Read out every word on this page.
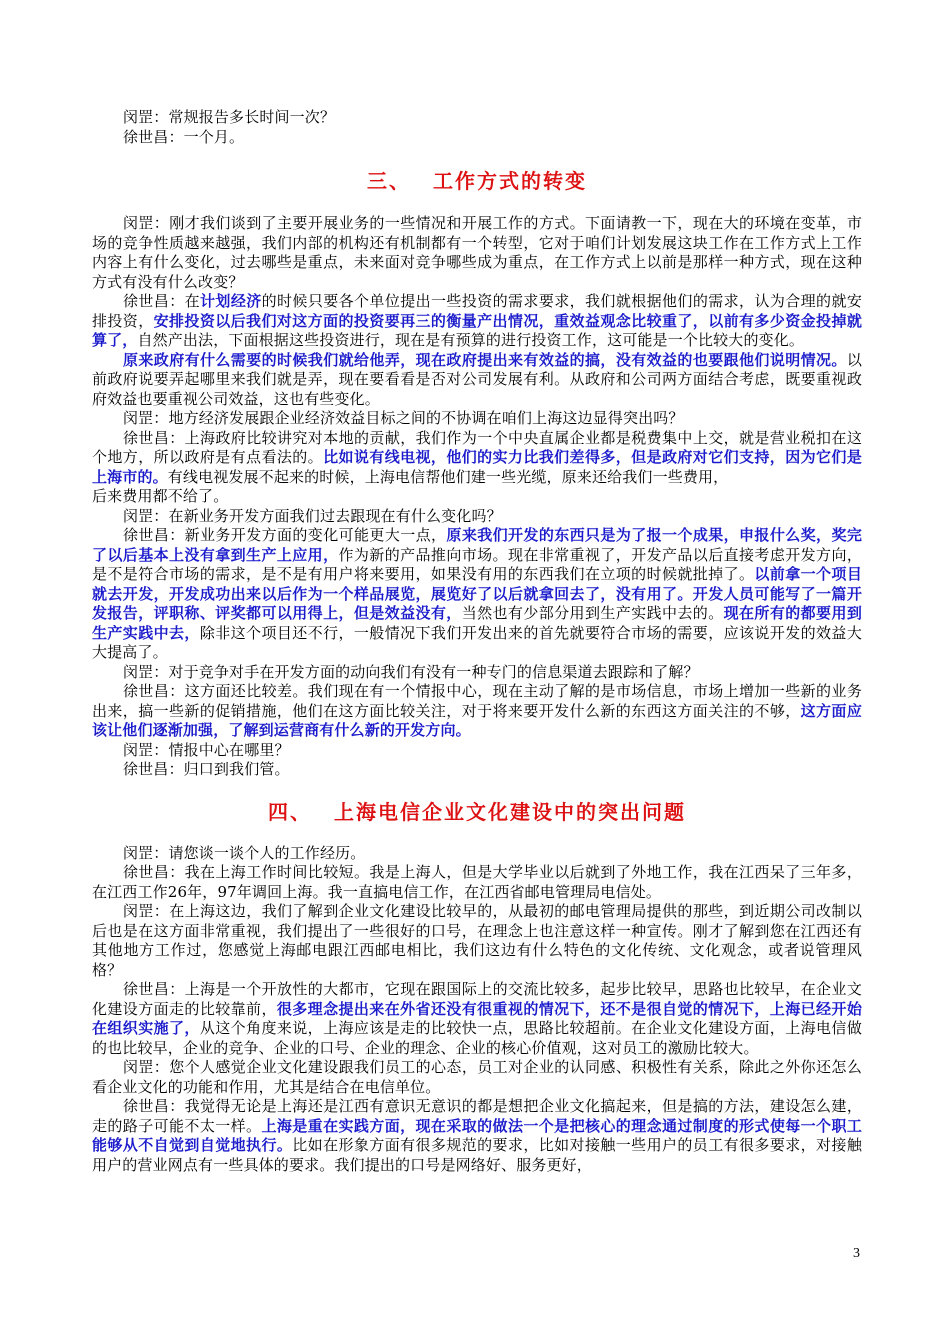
闵罡：常规报告多长时间一次？

徐世昌：一个月。

三、 工作方式的转变

闵罡：刚才我们谈到了主要开展业务的一些情况和开展工作的方式。下面请教一下，现在大的环境在变革，市场的竞争性质越来越强，我们内部的机构还有机制都有一个转型，它对于咱们计划发展这块工作在工作方式上工作内容上有什么变化，过去哪些是重点，未来面对竞争哪些成为重点，在工作方式上以前是那样一种方式，现在这种方式有没有什么改变？

徐世昌：在计划经济的时候只要各个单位提出一些投资的需求要求，我们就根据他们的需求，认为合理的就安排投资，安排投资以后我们对这方面的投资要再三的衡量产出情况，重效益观念比较重了，以前有多少资金投掉就算了，自然产出法，下面根据这些投资进行，现在是有预算的进行投资工作，这可能是一个比较大的变化。

原来政府有什么需要的时候我们就给他弄，现在政府提出来有效益的搞，没有效益的也要跟他们说明情况。以前政府说要弄起哪里来我们就是弄，现在要看看是否对公司发展有利。从政府和公司两方面结合考虑，既要重视政府效益也要重视公司效益，这也有些变化。

闵罡：地方经济发展跟企业经济效益目标之间的不协调在咱们上海这边显得突出吗？

徐世昌：上海政府比较讲究对本地的贡献，我们作为一个中央直属企业都是税费集中上交，就是营业税扣在这个地方，所以政府是有点看法的。比如说有线电视，他们的实力比我们差得多，但是政府对它们支持，因为它们是上海市的。有线电视发展不起来的时候，上海电信帮他们建一些光缆，原来还给我们一些费用，

后来费用都不给了。

闵罡：在新业务开发方面我们过去跟现在有什么变化吗？

徐世昌：新业务开发方面的变化可能更大一点，原来我们开发的东西只是为了报一个成果，申报什么奖，奖完了以后基本上没有拿到生产上应用，作为新的产品推向市场。现在非常重视了，开发产品以后直接考虑开发方向，是不是符合市场的需求，是不是有用户将来要用，如果没有用的东西我们在立项的时候就批掉了。以前拿一个项目就去开发，开发成功出来以后作为一个样品展览，展览好了以后就拿回去了，没有用了。开发人员可能写了一篇开发报告，评职称、评奖都可以用得上，但是效益没有，当然也有少部分用到生产实践中去的。现在所有的都要用到生产实践中去，除非这个项目还不行，一般情况下我们开发出来的首先就要符合市场的需要，应该说开发的效益大大提高了。

闵罡：对于竞争对手在开发方面的动向我们有没有一种专门的信息渠道去跟踪和了解？

徐世昌：这方面还比较差。我们现在有一个情报中心，现在主动了解的是市场信息，市场上增加一些新的业务出来，搞一些新的促销措施，他们在这方面比较关注，对于将来要开发什么新的东西这方面关注的不够，这方面应该让他们逐渐加强，了解到运营商有什么新的开发方向。

闵罡：情报中心在哪里？

徐世昌：归口到我们管。

四、 上海电信企业文化建设中的突出问题

闵罡：请您谈一谈个人的工作经历。

徐世昌：我在上海工作时间比较短。我是上海人，但是大学毕业以后就到了外地工作，我在江西呆了三年多，在江西工作26年，97年调回上海。我一直搞电信工作，在江西省邮电管理局电信处。

闵罡：在上海这边，我们了解到企业文化建设比较早的，从最初的邮电管理局提供的那些，到近期公司改制以后也是在这方面非常重视，我们提出了一些很好的口号，在理念上也注意这样一种宣传。刚才了解到您在江西还有其他地方工作过，您感觉上海邮电跟江西邮电相比，我们这边有什么特色的文化传统、文化观念，或者说管理风格？

徐世昌：上海是一个开放性的大都市，它现在跟国际上的交流比较多，起步比较早，思路也比较早，在企业文化建设方面走的比较靠前，很多理念提出来在外省还没有很重视的情况下，还不是很自觉的情况下，上海已经开始在组织实施了，从这个角度来说，上海应该是走的比较快一点，思路比较超前。在企业文化建设方面，上海电信做的也比较早，企业的竞争、企业的口号、企业的理念、企业的核心价值观，这对员工的激励比较大。

闵罡：您个人感觉企业文化建设跟我们员工的心态，员工对企业的认同感、积极性有关系，除此之外你还怎么看企业文化的功能和作用，尤其是结合在电信单位。

徐世昌：我觉得无论是上海还是江西有意识无意识的都是想把企业文化搞起来，但是搞的方法，建设怎么建，走的路子可能不太一样。上海是重在实践方面，现在采取的做法一个是把核心的理念通过制度的形式使每一个职工能够从不自觉到自觉地执行。比如在形象方面有很多规范的要求，比如对接触一些用户的员工有很多要求，对接触用户的营业网点有一些具体的要求。我们提出的口号是网络好、服务更好，

3
